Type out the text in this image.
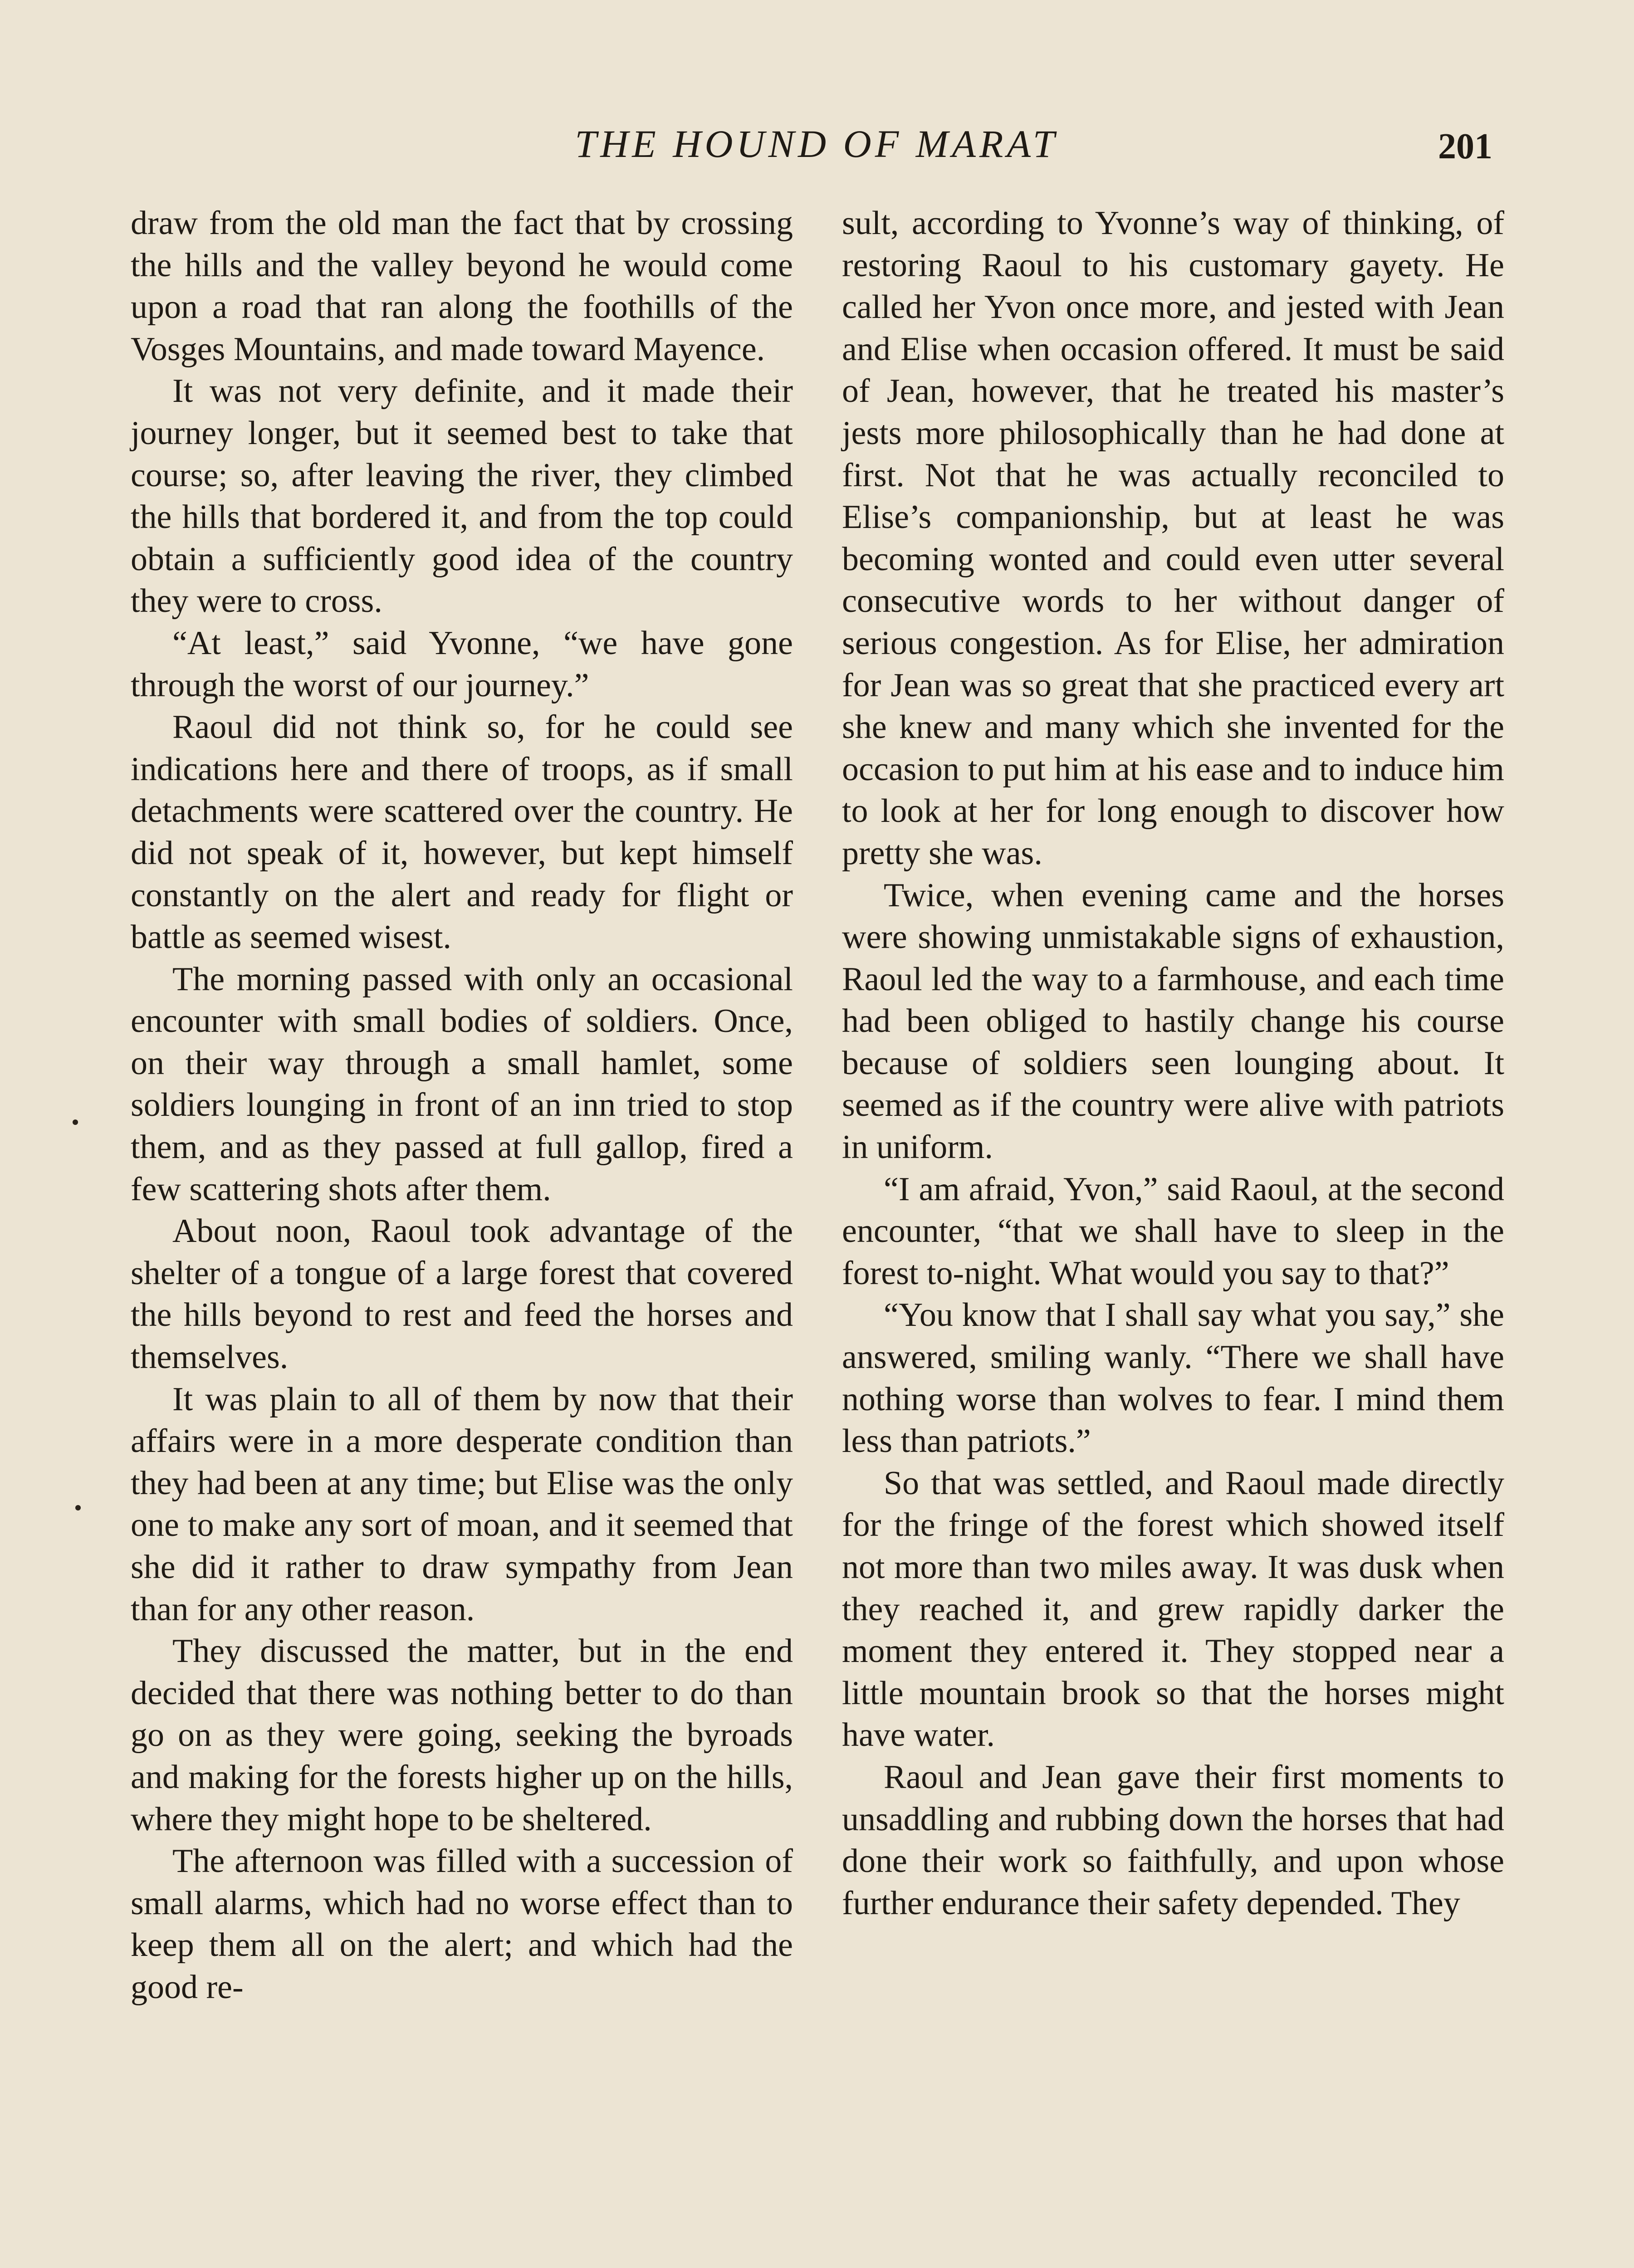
THE HOUND OF MARAT	201

draw from the old man the fact that by crossing the hills and the valley beyond he would come upon a road that ran along the foothills of the Vosges Mountains, and made toward Mayence.

It was not very definite, and it made their journey longer, but it seemed best to take that course; so, after leaving the river, they climbed the hills that bordered it, and from the top could obtain a sufficiently good idea of the country they were to cross.

“At least,” said Yvonne, “we have gone through the worst of our journey.”

Raoul did not think so, for he could see indications here and there of troops, as if small detachments were scattered over the country. He did not speak of it, however, but kept himself constantly on the alert and ready for flight or battle as seemed wisest.

The morning passed with only an occasional encounter with small bodies of soldiers. Once, on their way through a small hamlet, some soldiers lounging in front of an inn tried to stop them, and as they passed at full gallop, fired a few scattering shots after them.

About noon, Raoul took advantage of the shelter of a tongue of a large forest that covered the hills beyond to rest and feed the horses and themselves.

It was plain to all of them by now that their affairs were in a more desperate condition than they had been at any time; but Elise was the only one to make any sort of moan, and it seemed that she did it rather to draw sympathy from Jean than for any other reason.

They discussed the matter, but in the end decided that there was nothing better to do than go on as they were going, seeking the byroads and making for the forests higher up on the hills, where they might hope to be sheltered.

The afternoon was filled with a succession of small alarms, which had no worse effect than to keep them all on the alert; and which had the good re-

sult, according to Yvonne’s way of thinking, of restoring Raoul to his customary gayety. He called her Yvon once more, and jested with Jean and Elise when occasion offered. It must be said of Jean, however, that he treated his master’s jests more philosophically than he had done at first. Not that he was actually reconciled to Elise’s companionship, but at least he was becoming wonted and could even utter several consecutive words to her without danger of serious congestion. As for Elise, her admiration for Jean was so great that she practiced every art she knew and many which she invented for the occasion to put him at his ease and to induce him to look at her for long enough to discover how pretty she was.

Twice, when evening came and the horses were showing unmistakable signs of exhaustion, Raoul led the way to a farmhouse, and each time had been obliged to hastily change his course because of soldiers seen lounging about. It seemed as if the country were alive with patriots in uniform.

“I am afraid, Yvon,” said Raoul, at the second encounter, “that we shall have to sleep in the forest to-night. What would you say to that?”

“You know that I shall say what you say,” she answered, smiling wanly. “There we shall have nothing worse than wolves to fear. I mind them less than patriots.”

So that was settled, and Raoul made directly for the fringe of the forest which showed itself not more than two miles away. It was dusk when they reached it, and grew rapidly darker the moment they entered it. They stopped near a little mountain brook so that the horses might have water.

Raoul and Jean gave their first moments to unsaddling and rubbing down the horses that had done their work so faithfully, and upon whose further endurance their safety depended. They
